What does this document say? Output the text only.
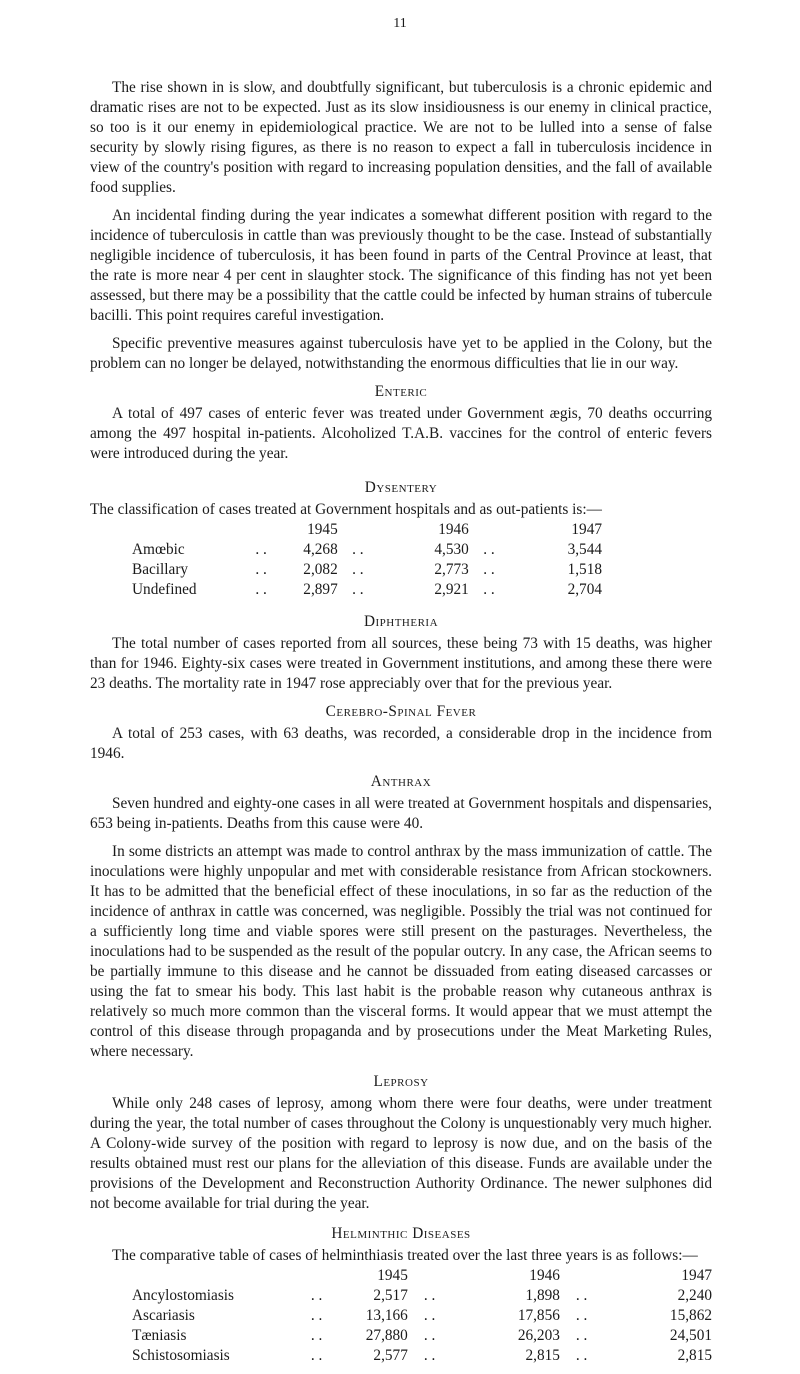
11

The rise shown in is slow, and doubtfully significant, but tuberculosis is a chronic epidemic and dramatic rises are not to be expected. Just as its slow insidiousness is our enemy in clinical practice, so too is it our enemy in epidemiological practice. We are not to be lulled into a sense of false security by slowly rising figures, as there is no reason to expect a fall in tuberculosis incidence in view of the country's position with regard to increasing population densities, and the fall of available food supplies.

An incidental finding during the year indicates a somewhat different position with regard to the incidence of tuberculosis in cattle than was previously thought to be the case. Instead of substantially negligible incidence of tuberculosis, it has been found in parts of the Central Province at least, that the rate is more near 4 per cent in slaughter stock. The significance of this finding has not yet been assessed, but there may be a possibility that the cattle could be infected by human strains of tubercule bacilli. This point requires careful investigation.

Specific preventive measures against tuberculosis have yet to be applied in the Colony, but the problem can no longer be delayed, notwithstanding the enormous difficulties that lie in our way.

Enteric

A total of 497 cases of enteric fever was treated under Government ægis, 70 deaths occurring among the 497 hospital in-patients. Alcoholized T.A.B. vaccines for the control of enteric fevers were introduced during the year.

Dysentery

The classification of cases treated at Government hospitals and as out-patients is:—

		1945		1946		1947
Amœbic	. .	4,268	. .	4,530	. .	3,544
Bacillary	. .	2,082	. .	2,773	. .	1,518
Undefined	. .	2,897	. .	2,921	. .	2,704
Diphtheria

The total number of cases reported from all sources, these being 73 with 15 deaths, was higher than for 1946. Eighty-six cases were treated in Government institutions, and among these there were 23 deaths. The mortality rate in 1947 rose appreciably over that for the previous year.

Cerebro-Spinal Fever

A total of 253 cases, with 63 deaths, was recorded, a considerable drop in the incidence from 1946.

Anthrax

Seven hundred and eighty-one cases in all were treated at Government hospitals and dispensaries, 653 being in-patients. Deaths from this cause were 40.

In some districts an attempt was made to control anthrax by the mass immunization of cattle. The inoculations were highly unpopular and met with considerable resistance from African stockowners. It has to be admitted that the beneficial effect of these inoculations, in so far as the reduction of the incidence of anthrax in cattle was concerned, was negligible. Possibly the trial was not continued for a sufficiently long time and viable spores were still present on the pasturages. Nevertheless, the inoculations had to be suspended as the result of the popular outcry. In any case, the African seems to be partially immune to this disease and he cannot be dissuaded from eating diseased carcasses or using the fat to smear his body. This last habit is the probable reason why cutaneous anthrax is relatively so much more common than the visceral forms. It would appear that we must attempt the control of this disease through propaganda and by prosecutions under the Meat Marketing Rules, where necessary.

Leprosy

While only 248 cases of leprosy, among whom there were four deaths, were under treatment during the year, the total number of cases throughout the Colony is unquestionably very much higher. A Colony-wide survey of the position with regard to leprosy is now due, and on the basis of the results obtained must rest our plans for the alleviation of this disease. Funds are available under the provisions of the Development and Reconstruction Authority Ordinance. The newer sulphones did not become available for trial during the year.

Helminthic Diseases

The comparative table of cases of helminthiasis treated over the last three years is as follows:—

		1945		1946		1947
Ancylostomiasis	. .	2,517	. .	1,898	. .	2,240
Ascariasis	. .	13,166	. .	17,856	. .	15,862
Tæniasis	. .	27,880	. .	26,203	. .	24,501
Schistosomiasis	. .	2,577	. .	2,815	. .	2,815
